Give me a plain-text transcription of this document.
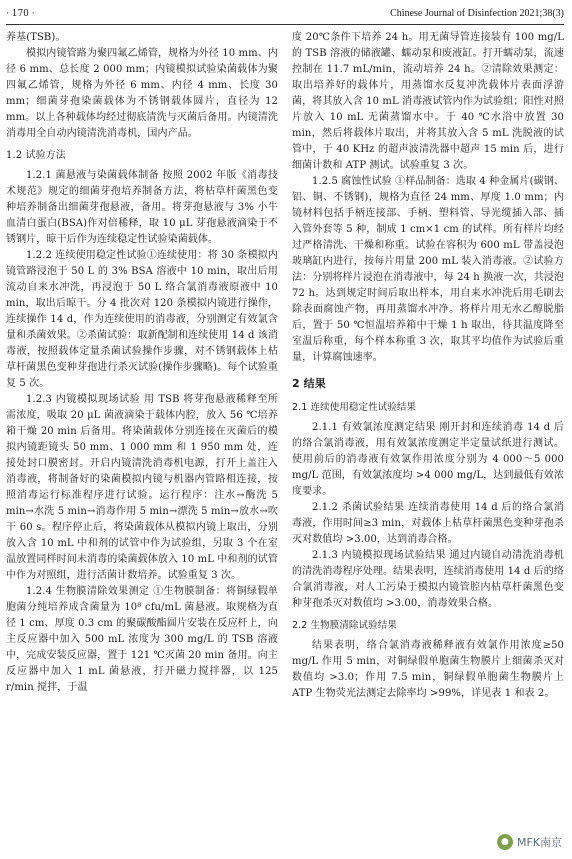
· 170 ·	Chinese Journal of Disinfection 2021;38(3)

养基(TSB)。

模拟内镜管路为聚四氟乙烯管，规格为外径 10 mm、内径 6 mm、总长度 2 000 mm；内镜模拟试验染菌载体为聚四氟乙烯管，规格为外径 6 mm、内径 4 mm、长度 30 mm；细菌芽孢染菌载体为不锈钢载体圆片，直径为 12 mm。以上各种载体均经过彻底清洗与灭菌后备用。内镜清洗消毒用全自动内镜清洗消毒机，国内产品。

1.2 试验方法

1.2.1 菌悬液与染菌载体制备 按照 2002 年版《消毒技术规范》规定的细菌芽孢培养制备方法，将枯草杆菌黑色变种培养制备出细菌芽孢悬液，备用。将芽孢悬液与 3% 小牛血清白蛋白(BSA)作对倍稀释，取 10 μL 芽孢悬液滴染于不锈钢片，晾干后作为连续稳定性试验染菌载体。

1.2.2 连续使用稳定性试验①连续使用：将 30 条模拟内镜管路浸泡于 50 L 的 3% BSA 溶液中 10 min，取出后用流动自来水冲洗，再浸泡于 50 L 络合氯消毒液原液中 10 min，取出后晾干。分 4 批次对 120 条模拟内镜进行操作，连续操作 14 d，作为连续使用的消毒液，分别测定有效氯含量和杀菌效果。②杀菌试验：取新配制和连续使用 14 d 该消毒液，按照载体定量杀菌试验操作步骤，对不锈钢载体上枯草杆菌黑色变种芽孢进行杀灭试验(操作步骤略)。每个试验重复 5 次。

1.2.3 内镜模拟现场试验 用 TSB 将芽孢悬液稀释至所需浓度，吸取 20 μL 菌液滴染于载体内腔，放入 56 ℃培养箱干燥 20 min 后备用。将染菌载体分别连接在灭菌后的模拟内镜距镜头 50 mm、1 000 mm 和 1 950 mm 处，连接处封口膜密封。开启内镜清洗消毒机电源，打开上盖注入消毒液，将制备好的染菌模拟内镜与机器内管路相连接，按照消毒运行标准程序进行试验。运行程序：注水→酶洗 5 min→水洗 5 min→消毒作用 5 min→漂洗 5 min→放水→吹干 60 s。程序停止后，将染菌载体从模拟内镜上取出，分别放入含 10 mL 中和剂的试管中作为试验组，另取 3 个在室温放置同样时间未消毒的染菌载体放入 10 mL 中和剂的试管中作为对照组，进行活菌计数培养。试验重复 3 次。

1.2.4 生物膜清除效果测定 ①生物膜制备：将铜绿假单胞菌分纯培养成含菌量为 10⁸ cfu/mL 菌悬液。取规格为直径 1 cm、厚度 0.3 cm 的聚碳酸酯圆片安装在反应杆上，向主反应器中加入 500 mL 浓度为 300 mg/L 的 TSB 溶液中，完成安装反应器，置于 121 ℃灭菌 20 min 备用。向主反应器中加入 1 mL 菌悬液，打开磁力搅拌器，以 125 r/min 搅拌，于温

度 20℃条件下培养 24 h。用无菌导管连接装有 100 mg/L 的 TSB 溶液的储液罐、蠕动泵和废液缸。打开蠕动泵，流速控制在 11.7 mL/min，流动培养 24 h。②清除效果测定：取出培养好的载体片，用蒸馏水反复冲洗载体片表面浮游菌，将其放入含 10 mL 消毒液试管内作为试验组；阳性对照片放入 10 mL 无菌蒸馏水中。于 40 ℃水浴中放置 30 min，然后将载体片取出，并将其放入含 5 mL 洗脱液的试管中，于 40 KHz 的超声波清洗器中超声 15 min 后，进行细菌计数和 ATP 测试。试验重复 3 次。

1.2.5 腐蚀性试验 ①样品制备：选取 4 种金属片(碳钢、铝、铜、不锈钢)，规格为直径 24 mm、厚度 1.0 mm；内镜材料包括手柄连接部、手柄、塑料管、导光缆插入部、插入管外套等 5 种，制成 1 cm×1 cm 的试样。所有样片均经过严格清洗、干燥和称重。试验在容积为 600 mL 带盖浸泡玻璃缸内进行，按每片用量 200 mL 装入消毒液。②试验方法：分别将样片浸泡在消毒液中，每 24 h 换液一次，共浸泡 72 h。达到规定时间后取出样本，用自来水冲洗后用毛刷去除表面腐蚀产物，再用蒸馏水冲净。将样片用无水乙醇脱脂后，置于 50 ℃恒温培养箱中干燥 1 h 取出，待其温度降至室温后称重，每个样本称重 3 次，取其平均值作为试验后重量，计算腐蚀速率。

2 结果
2.1 连续使用稳定性试验结果

2.1.1 有效氯浓度测定结果 刚开封和连续消毒 14 d 后的络合氯消毒液，用有效氯浓度测定半定量试纸进行测试。使用前后的消毒液有效氯作用浓度分别为 4 000～5 000 mg/L 范围，有效氯浓度均 >4 000 mg/L，达到最低有效浓度要求。

2.1.2 杀菌试验结果 连续消毒使用 14 d 后的络合氯消毒液，作用时间≥3 min，对载体上枯草杆菌黑色变种芽孢杀灭对数值均 >3.00，达到消毒合格。

2.1.3 内镜模拟现场试验结果 通过内镜自动清洗消毒机的清洗消毒程序处理。结果表明，连续消毒使用 14 d 后的络合氯消毒液，对人工污染于模拟内镜管腔内枯草杆菌黑色变种芽孢杀灭对数值均 >3.00，消毒效果合格。

2.2 生物膜清除试验结果

结果表明，络合氯消毒液稀释液有效氯作用浓度≥50 mg/L 作用 5 min，对铜绿假单胞菌生物膜片上细菌杀灭对数值均 >3.0；作用 7.5 min，铜绿假单胞菌生物膜片上 ATP 生物荧光法测定去除率均 >99%，详见表 1 和表 2。

● MFK南京
